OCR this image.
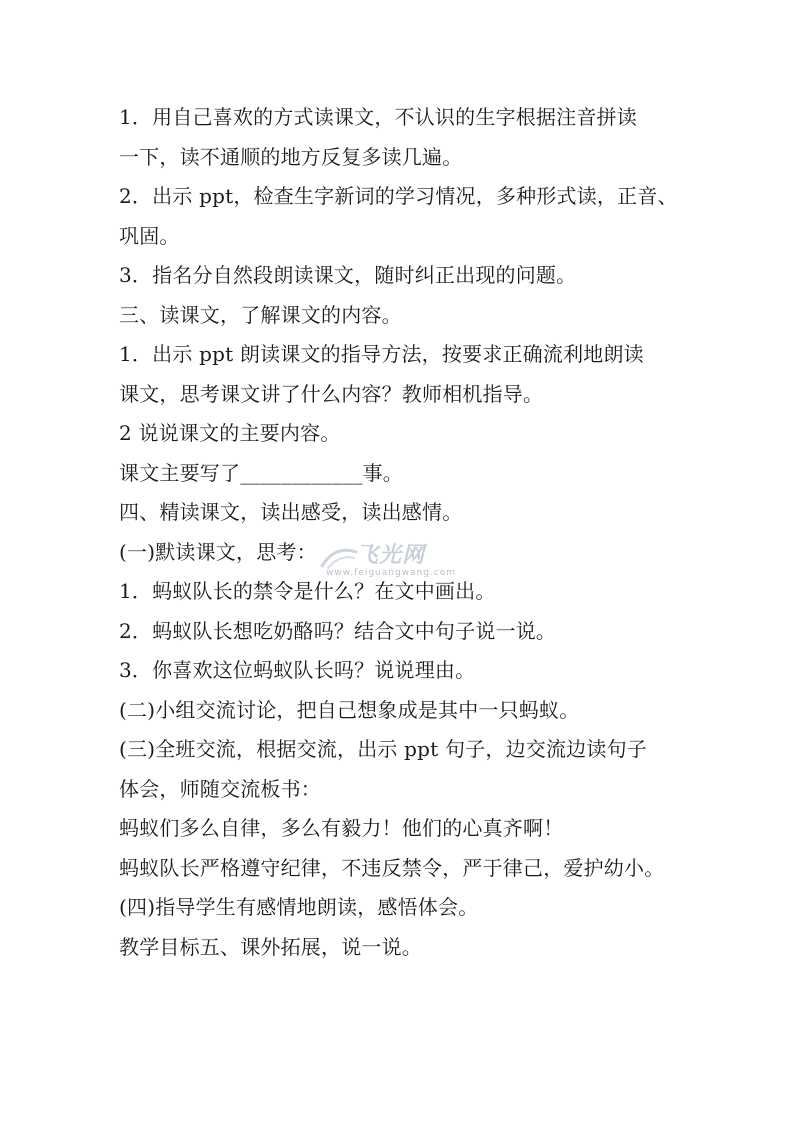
1．用自己喜欢的方式读课文，不认识的生字根据注音拼读
一下，读不通顺的地方反复多读几遍。
2．出示 ppt，检查生字新词的学习情况，多种形式读，正音、
巩固。
3．指名分自然段朗读课文，随时纠正出现的问题。
三、读课文，了解课文的内容。
1．出示 ppt 朗读课文的指导方法，按要求正确流利地朗读
课文，思考课文讲了什么内容？教师相机指导。
2 说说课文的主要内容。
课文主要写了____________事。
四、精读课文，读出感受，读出感情。
(一)默读课文，思考：
1．蚂蚁队长的禁令是什么？在文中画出。
2．蚂蚁队长想吃奶酪吗？结合文中句子说一说。
3．你喜欢这位蚂蚁队长吗？说说理由。
(二)小组交流讨论，把自己想象成是其中一只蚂蚁。
(三)全班交流，根据交流，出示 ppt 句子，边交流边读句子
体会，师随交流板书：
蚂蚁们多么自律，多么有毅力！他们的心真齐啊！
蚂蚁队长严格遵守纪律，不违反禁令，严于律己，爱护幼小。
(四)指导学生有感情地朗读，感悟体会。
教学目标五、课外拓展，说一说。
飞光网
www.feiguangwang.com
